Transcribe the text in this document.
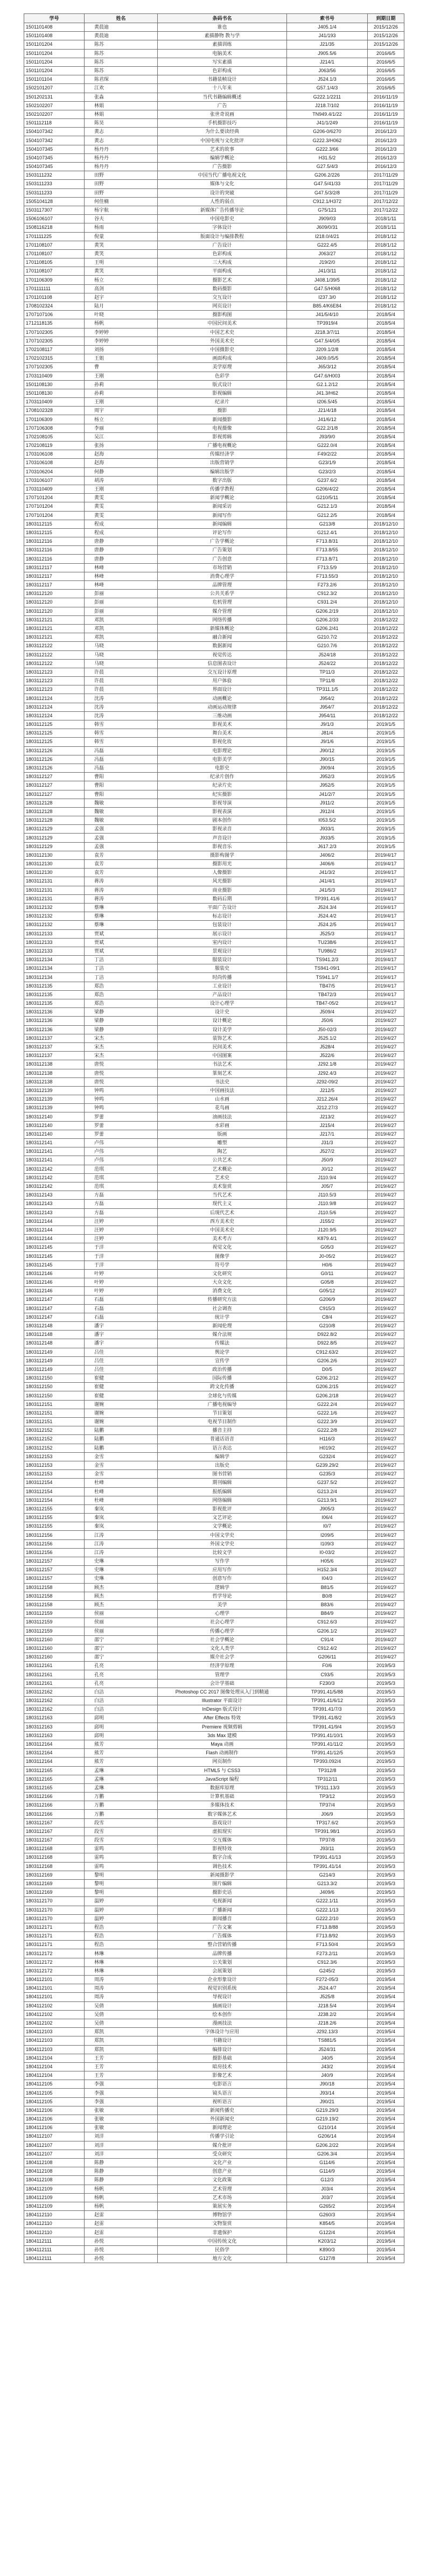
学号	姓名	条码书名	索书号	到期日期
1501101408	黄晨迪	谁也	J405.1/4	2015/12/26
1501101408	黄晨迪	素描静物 教与学	J41/193	2015/12/26
1501101204	陈苏	素描训练	J21/35	2015/12/26
1501101204	陈苏	电脑美术	J905.5/6	2016/6/5
1501101204	陈苏	写实素描	J214/1	2016/6/5
1501101204	陈苏	色彩构成	J063/56	2016/6/5
1501101104	陈君琛	书籍装帧设计	J524.1/3	2016/6/5
1502101207	江欢	十八年来	G57.1/4/3	2016/6/5
1501202131	张淼	当代书籍编辑概述	G222.1/2211	2016/11/19
1502102207	林娟	广告	J218.7/102	2016/11/19
1502102207	林娟	张世奇说画	TN949.4/1/22	2016/11/19
1501112118	陈昊	手机摄影技巧	J41/1/249	2016/11/19
1504107342	黄志	为什么要读经典	G206-0/6270	2016/12/3
1504107342	黄志	中国电视与文化批评	G222.3/H062	2016/12/3
1504107345	杨丹丹	艺术的故事	G222.3/66	2016/12/3
1504107345	杨丹丹	编辑学概论	H31.5/2	2016/12/3
1504107345	杨丹丹	广告摄影	G27.5/4/3	2016/12/3
1503111232	田野	中国当代广播电视文化	G206.2/226	2017/11/29
1503111233	田野	媒体与文化	G47.5/41/33	2017/11/29
1503111233	田野	设计的突破	G47.5/3/2/8	2017/11/29
1505104128	何佳楠	人性的弱点	C912.1/H372	2017/12/22
1503117307	杨宇航	新媒体广告传播导论	G75/121	2017/12/22
1506106107	谷夫	中国电影史	J909/03	2018/1/11
1508116218	杨雨	字体设计	J609/0/31	2018/1/11
1701111225	倪蒙	版面设计与编排教程	I218.0/4/21	2018/1/12
1701108107	黄笑	广告设计	G222.4/5	2018/1/12
1701108107	黄笑	色彩构成	J063/27	2018/1/12
1701108105	王明	三大构成	J19/2/0	2018/1/12
1701108107	黄笑	平面构成	J41/3/11	2018/1/12
1701106309	杨立	摄影艺术	J408.1/39/5	2018/1/12
1701111111	高剑	数码摄影	G47.5/H068	2018/1/12
1701101108	赵宇	交互设计	I237.3/0	2018/1/12
1708102324	陆月	网页设计	B85.4/K6E84	2018/1/12
1707107106	叶晓	摄影构图	J41/5/4/10	2018/5/4
1712118135	杨帆	中国民间美术	TP3919/4	2018/5/4
1707102305	李婷婷	中国艺术史	J218.3/7/11	2018/5/4
1707102305	李婷婷	外国美术史	G47.5/4/0/5	2018/5/4
1702108117	刘扬	中国摄影史	J209.1/2/8	2018/5/4
1702102315	王姐	画面构成	J409.0/5/5	2018/5/4
1707102305	曹	美学原理	J65/3/12	2018/5/4
1703110409	王刚	色彩学	G47.6/H003	2018/5/4
1501108130	孙莉	版式设计	G2.1.2/12	2018/5/4
1501108130	孙莉	影视编辑	J41.3/H62	2018/5/4
1703110409	王刚	纪录片	I206.5/45	2018/5/4
1708102328	周宇	摄影	J21/4/18	2018/5/4
1701106309	杨立	新闻摄影	J41/6/12	2018/5/4
1707106308	李丽	电视摄像	G22.2/1/8	2018/5/4
1702108105	吴江	影视剪辑	J93/9/0	2018/5/4
1702108119	张扬	广播电视概论	G222.0/4	2018/5/4
1703106108	赵海	传媒经济学	F49/2/22	2018/5/4
1703106108	赵海	出版营销学	G23/1/9	2018/5/4
1703106204	何静	编辑出版学	G23/2/3	2018/5/4
1703106107	胡涛	数字出版	G237.6/2	2018/5/4
1703110409	王刚	传播学教程	G206/4/22	2018/5/4
1707101204	黄雯	新闻学概论	G210/5/11	2018/5/4
1707101204	黄雯	新闻采访	G212.1/3	2018/5/4
1707101204	黄雯	新闻写作	G212.2/5	2018/5/4
1803112115	程成	新闻编辑	G213/8	2018/12/10
1803112115	程成	评论写作	G212.4/1	2018/12/10
1803112116	唐静	广告学概论	F713.8/31	2018/12/10
1803112116	唐静	广告策划	F713.8/55	2018/12/10
1803112116	唐静	广告创意	F713.8/71	2018/12/10
1803112117	林峰	市场营销	F713.5/9	2018/12/10
1803112117	林峰	消费心理学	F713.55/3	2018/12/10
1803112117	林峰	品牌管理	F273.2/6	2018/12/10
1803112120	彭丽	公共关系学	C912.3/2	2018/12/10
1803112120	彭丽	危机管理	C931.2/4	2018/12/10
1803112120	彭丽	媒介管理	G206.2/19	2018/12/10
1803112121	邓凯	网络传播	G206.2/33	2018/12/22
1803112121	邓凯	新媒体概论	G206.2/41	2018/12/22
1803112121	邓凯	融合新闻	G210.7/2	2018/12/22
1803112122	马晓	数据新闻	G210.7/6	2018/12/22
1803112122	马晓	视觉传达	J524/18	2018/12/22
1803112122	马晓	信息图表设计	J524/22	2018/12/22
1803112123	许晨	交互设计原理	TP11/3	2018/12/22
1803112123	许晨	用户体验	TP11/8	2018/12/22
1803112123	许晨	界面设计	TP311.1/5	2018/12/22
1803112124	沈涛	动画概论	J954/2	2018/12/22
1803112124	沈涛	动画运动规律	J954/7	2018/12/22
1803112124	沈涛	三维动画	J954/11	2018/12/22
1803112125	韩雪	影视美术	J9/1/3	2019/1/5
1803112125	韩雪	舞台美术	J81/4	2019/1/5
1803112125	韩雪	影视化妆	J9/1/6	2019/1/5
1803112126	冯磊	电影理论	J90/12	2019/1/5
1803112126	冯磊	电影美学	J90/15	2019/1/5
1803112126	冯磊	电影史	J909/4	2019/1/5
1803112127	曹阳	纪录片创作	J952/3	2019/1/5
1803112127	曹阳	纪录片史	J952/5	2019/1/5
1803112127	曹阳	纪实摄影	J41/2/7	2019/1/5
1803112128	魏敏	影视导演	J911/2	2019/1/5
1803112128	魏敏	影视表演	J912/4	2019/1/5
1803112128	魏敏	剧本创作	I053.5/2	2019/1/5
1803112129	孟强	影视录音	J933/1	2019/1/5
1803112129	孟强	声音设计	J933/5	2019/1/5
1803112129	孟强	影视音乐	J617.2/3	2019/1/5
1803112130	袁芳	摄影构图学	J406/2	2019/4/17
1803112130	袁芳	摄影用光	J406/6	2019/4/17
1803112130	袁芳	人像摄影	J41/3/2	2019/4/17
1803112131	蒋涛	风光摄影	J41/4/1	2019/4/17
1803112131	蒋涛	商业摄影	J41/5/3	2019/4/17
1803112131	蒋涛	数码后期	TP391.41/6	2019/4/17
1803112132	蔡琳	平面广告设计	J524.3/4	2019/4/17
1803112132	蔡琳	标志设计	J524.4/2	2019/4/17
1803112132	蔡琳	包装设计	J524.2/5	2019/4/17
1803112133	贾斌	展示设计	J525/3	2019/4/17
1803112133	贾斌	室内设计	TU238/6	2019/4/17
1803112133	贾斌	景观设计	TU986/2	2019/4/17
1803112134	丁洁	服装设计	TS941.2/3	2019/4/17
1803112134	丁洁	服装史	TS941-09/1	2019/4/17
1803112134	丁洁	时尚传播	TS941.1/7	2019/4/17
1803112135	郑浩	工业设计	TB47/5	2019/4/17
1803112135	郑浩	产品设计	TB472/3	2019/4/17
1803112135	郑浩	设计心理学	TB47-05/2	2019/4/17
1803112136	梁静	设计史	J509/4	2019/4/27
1803112136	梁静	设计概论	J50/6	2019/4/27
1803112136	梁静	设计美学	J50-02/3	2019/4/27
1803112137	宋杰	装饰艺术	J525.1/2	2019/4/27
1803112137	宋杰	民间美术	J528/4	2019/4/27
1803112137	宋杰	中国图案	J522/6	2019/4/27
1803112138	唐悦	书法艺术	J292.1/8	2019/4/27
1803112138	唐悦	篆刻艺术	J292.4/3	2019/4/27
1803112138	唐悦	书法史	J292-09/2	2019/4/27
1803112139	钟鸣	中国画技法	J212/5	2019/4/27
1803112139	钟鸣	山水画	J212.26/4	2019/4/27
1803112139	钟鸣	花鸟画	J212.27/3	2019/4/27
1803112140	罗蕾	油画技法	J213/2	2019/4/27
1803112140	罗蕾	水彩画	J215/4	2019/4/27
1803112140	罗蕾	版画	J217/1	2019/4/27
1803112141	卢伟	雕塑	J31/3	2019/4/27
1803112141	卢伟	陶艺	J527/2	2019/4/27
1803112141	卢伟	公共艺术	J50/9	2019/4/27
1803112142	范琪	艺术概论	J0/12	2019/4/27
1803112142	范琪	艺术史	J110.9/4	2019/4/27
1803112142	范琪	美术鉴赏	J05/7	2019/4/27
1803112143	方磊	当代艺术	J110.5/3	2019/4/27
1803112143	方磊	现代主义	J110.9/8	2019/4/27
1803112143	方磊	后现代艺术	J110.5/6	2019/4/27
1803112144	汪婷	西方美术史	J155/2	2019/4/27
1803112144	汪婷	中国美术史	J120.9/5	2019/4/27
1803112144	汪婷	美术考古	K879.4/1	2019/4/27
1803112145	于洋	视觉文化	G05/3	2019/4/27
1803112145	于洋	图像学	J0-05/2	2019/4/27
1803112145	于洋	符号学	H0/6	2019/4/27
1803112146	叶婷	文化研究	G0/11	2019/4/27
1803112146	叶婷	大众文化	G05/8	2019/4/27
1803112146	叶婷	消费文化	G05/12	2019/4/27
1803112147	石磊	传播研究方法	G206/9	2019/4/27
1803112147	石磊	社会调查	C915/3	2019/4/27
1803112147	石磊	统计学	C8/4	2019/4/27
1803112148	潘宇	新闻伦理	G210/8	2019/4/27
1803112148	潘宇	媒介法规	D922.8/2	2019/4/27
1803112148	潘宇	传媒法	D922.8/5	2019/4/27
1803112149	吕佳	舆论学	C912.63/2	2019/4/27
1803112149	吕佳	宣传学	G206.2/6	2019/4/27
1803112149	吕佳	政治传播	D0/5	2019/4/27
1803112150	崔健	国际传播	G206.2/12	2019/4/27
1803112150	崔健	跨文化传播	G206.2/15	2019/4/27
1803112150	崔健	全球化与传媒	G206.2/18	2019/4/27
1803112151	谢婉	广播电视编导	G222.2/4	2019/4/27
1803112151	谢婉	节目策划	G222.1/6	2019/4/27
1803112151	谢婉	电视节目制作	G222.3/9	2019/4/27
1803112152	陆鹏	播音主持	G222.2/8	2019/4/27
1803112152	陆鹏	普通话语音	H116/3	2019/4/27
1803112152	陆鹏	语言表达	H019/2	2019/4/27
1803112153	金雪	编辑学	G232/4	2019/4/27
1803112153	金雪	出版史	G239.29/2	2019/4/27
1803112153	金雪	图书营销	G235/3	2019/4/27
1803112154	杜峰	期刊编辑	G237.5/2	2019/4/27
1803112154	杜峰	报纸编辑	G213.2/4	2019/4/27
1803112154	杜峰	网络编辑	G213.9/1	2019/4/27
1803112155	秦岚	影视批评	J905/3	2019/4/27
1803112155	秦岚	文艺评论	I06/4	2019/4/27
1803112155	秦岚	文学概论	I0/7	2019/4/27
1803112156	江涛	中国文学史	I209/5	2019/4/27
1803112156	江涛	外国文学史	I109/3	2019/4/27
1803112156	江涛	比较文学	I0-03/2	2019/4/27
1803112157	史琳	写作学	H05/6	2019/4/27
1803112157	史琳	应用写作	H152.3/4	2019/4/27
1803112157	史琳	创意写作	I04/3	2019/4/27
1803112158	顾杰	逻辑学	B81/5	2019/4/27
1803112158	顾杰	哲学导论	B0/8	2019/4/27
1803112158	顾杰	美学	B83/6	2019/4/27
1803112159	侯丽	心理学	B84/9	2019/4/27
1803112159	侯丽	社会心理学	C912.6/3	2019/4/27
1803112159	侯丽	传播心理学	G206.1/2	2019/4/27
1803112160	邵宁	社会学概论	C91/4	2019/4/27
1803112160	邵宁	文化人类学	C912.4/2	2019/4/27
1803112160	邵宁	媒介社会学	G206/11	2019/4/27
1803112161	孔亮	经济学原理	F0/6	2019/5/3
1803112161	孔亮	管理学	C93/5	2019/5/3
1803112161	孔亮	会计学基础	F230/3	2019/5/3
1803112162	白洁	Photoshop CC 2017 图像处理从入门到精通	TP391.41/5/88	2019/5/3
1803112162	白洁	Illustrator 平面设计	TP391.41/6/12	2019/5/3
1803112162	白洁	InDesign 版式设计	TP391.41/7/3	2019/5/3
1803112163	邱明	After Effects 特效	TP391.41/8/2	2019/5/3
1803112163	邱明	Premiere 视频剪辑	TP391.41/9/4	2019/5/3
1803112163	邱明	3ds Max 建模	TP391.41/10/1	2019/5/3
1803112164	熊芳	Maya 动画	TP391.41/11/2	2019/5/3
1803112164	熊芳	Flash 动画制作	TP391.41/12/5	2019/5/3
1803112164	熊芳	网页制作	TP393.092/4	2019/5/3
1803112165	孟琳	HTML5 与 CSS3	TP312/8	2019/5/3
1803112165	孟琳	JavaScript 编程	TP312/11	2019/5/3
1803112165	孟琳	数据库原理	TP311.13/3	2019/5/3
1803112166	万鹏	计算机基础	TP3/12	2019/5/3
1803112166	万鹏	多媒体技术	TP37/4	2019/5/3
1803112166	万鹏	数字媒体艺术	J06/9	2019/5/3
1803112167	段雪	游戏设计	TP317.6/2	2019/5/3
1803112167	段雪	虚拟现实	TP391.98/1	2019/5/3
1803112167	段雪	交互媒体	TP37/8	2019/5/3
1803112168	雷鸣	影视特效	J93/11	2019/5/3
1803112168	雷鸣	数字合成	TP391.41/13	2019/5/3
1803112168	雷鸣	调色技术	TP391.41/14	2019/5/3
1803112169	黎明	新闻摄影学	G214/3	2019/5/3
1803112169	黎明	图片编辑	G213.3/2	2019/5/3
1803112169	黎明	摄影史话	J409/6	2019/5/3
1803112170	温婷	电视新闻	G222.1/11	2019/5/3
1803112170	温婷	广播新闻	G222.1/13	2019/5/3
1803112170	温婷	新闻播音	G222.2/10	2019/5/3
1803112171	程浩	广告文案	F713.8/88	2019/5/3
1803112171	程浩	广告媒体	F713.8/92	2019/5/3
1803112171	程浩	整合营销传播	F713.50/4	2019/5/3
1803112172	林琳	品牌传播	F273.2/11	2019/5/3
1803112172	林琳	公关策划	C912.3/6	2019/5/3
1803112172	林琳	会展策划	G245/2	2019/5/3
1804112101	周涛	企业形象设计	F272-05/3	2019/5/4
1804112101	周涛	视觉识别系统	J524.4/7	2019/5/4
1804112101	周涛	导视设计	J525/8	2019/5/4
1804112102	吴倩	插画设计	J218.5/4	2019/5/4
1804112102	吴倩	绘本创作	J238.2/2	2019/5/4
1804112102	吴倩	漫画技法	J218.2/6	2019/5/4
1804112103	郑凯	字体设计与应用	J292.13/3	2019/5/4
1804112103	郑凯	书籍设计	TS881/5	2019/5/4
1804112103	郑凯	编排设计	J524/31	2019/5/4
1804112104	王芳	摄影基础	J40/5	2019/5/4
1804112104	王芳	暗房技术	J43/2	2019/5/4
1804112104	王芳	影像艺术	J40/9	2019/5/4
1804112105	李强	电影语言	J90/18	2019/5/4
1804112105	李强	镜头语言	J93/14	2019/5/4
1804112105	李强	视听语言	J90/21	2019/5/4
1804112106	张敏	新闻传播史	G219.29/3	2019/5/4
1804112106	张敏	外国新闻史	G219.19/2	2019/5/4
1804112106	张敏	新闻理论	G210/14	2019/5/4
1804112107	刘洋	传播学引论	G206/14	2019/5/4
1804112107	刘洋	媒介批评	G206.2/22	2019/5/4
1804112107	刘洋	受众研究	G206.3/4	2019/5/4
1804112108	陈静	文化产业	G114/6	2019/5/4
1804112108	陈静	创意产业	G114/9	2019/5/4
1804112108	陈静	文化政策	G12/3	2019/5/4
1804112109	杨帆	艺术管理	J03/4	2019/5/4
1804112109	杨帆	艺术市场	J03/7	2019/5/4
1804112109	杨帆	策展实务	G265/2	2019/5/4
1804112110	赵雷	博物馆学	G260/3	2019/5/4
1804112110	赵雷	文物鉴赏	K854/5	2019/5/4
1804112110	赵雷	非遗保护	G122/4	2019/5/4
1804112111	孙悦	中国传统文化	K203/12	2019/5/4
1804112111	孙悦	民俗学	K890/3	2019/5/4
1804112111	孙悦	地方文化	G127/8	2019/5/4
